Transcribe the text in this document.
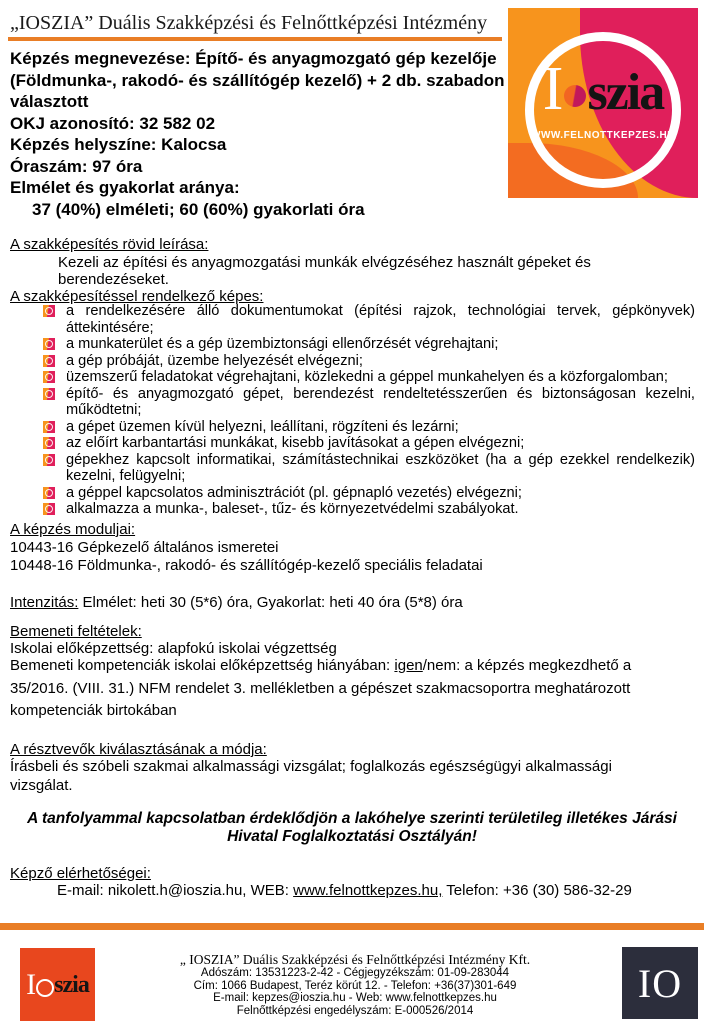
„IOSZIA” Duális Szakképzési és Felnőttképzési Intézmény
I szia
WWW.FELNOTTKEPZES.HU
Képzés megnevezése: Építő- és anyagmozgató gép kezelője (Földmunka-, rakodó- és szállítógép kezelő) + 2 db. szabadon választott
OKJ azonosító: 32 582 02
Képzés helyszíne: Kalocsa
Óraszám: 97 óra
Elmélet és gyakorlat aránya:
37 (40%) elméleti; 60 (60%) gyakorlati óra
A szakképesítés rövid leírása:
Kezeli az építési és anyagmozgatási munkák elvégzéséhez használt gépeket és berendezéseket.
A szakképesítéssel rendelkező képes:
a rendelkezésére álló dokumentumokat (építési rajzok, technológiai tervek, gépkönyvek) áttekintésére;
a munkaterület és a gép üzembiztonsági ellenőrzését végrehajtani;
a gép próbáját, üzembe helyezését elvégezni;
üzemszerű feladatokat végrehajtani, közlekedni a géppel munkahelyen és a közforgalomban;
építő- és anyagmozgató gépet, berendezést rendeltetésszerűen és biztonságosan kezelni, működtetni;
a gépet üzemen kívül helyezni, leállítani, rögzíteni és lezárni;
az előírt karbantartási munkákat, kisebb javításokat a gépen elvégezni;
gépekhez kapcsolt informatikai, számítástechnikai eszközöket (ha a gép ezekkel rendelkezik) kezelni, felügyelni;
a géppel kapcsolatos adminisztrációt (pl. gépnapló vezetés) elvégezni;
alkalmazza a munka-, baleset-, tűz- és környezetvédelmi szabályokat.
A képzés moduljai:
10443-16 Gépkezelő általános ismeretei
10448-16 Földmunka-, rakodó- és szállítógép-kezelő speciális feladatai
Intenzitás: Elmélet: heti 30 (5*6) óra, Gyakorlat: heti 40 óra (5*8) óra
Bemeneti feltételek:
Iskolai előképzettség: alapfokú iskolai végzettség
Bemeneti kompetenciák iskolai előképzettség hiányában: igen/nem: a képzés megkezdhető a 35/2016. (VIII. 31.) NFM rendelet 3. mellékletben a gépészet szakmacsoportra meghatározott kompetenciák birtokában
A résztvevők kiválasztásának a módja:
Írásbeli és szóbeli szakmai alkalmassági vizsgálat; foglalkozás egészségügyi alkalmassági vizsgálat.
A tanfolyammal kapcsolatban érdeklődjön a lakóhelye szerinti területileg illetékes Járási Hivatal Foglalkoztatási Osztályán!
Képző elérhetőségei:
E-mail: nikolett.h@ioszia.hu, WEB: www.felnottkepzes.hu, Telefon: +36 (30) 586-32-29
I szia
„ IOSZIA” Duális Szakképzési és Felnőttképzési Intézmény Kft.
Adószám: 13531223-2-42 - Cégjegyzékszám: 01-09-283044
Cím: 1066 Budapest, Teréz körút 12. - Telefon: +36(37)301-649
E-mail: kepzes@ioszia.hu - Web: www.felnottkepzes.hu
Felnőttképzési engedélyszám: E-000526/2014
IO
